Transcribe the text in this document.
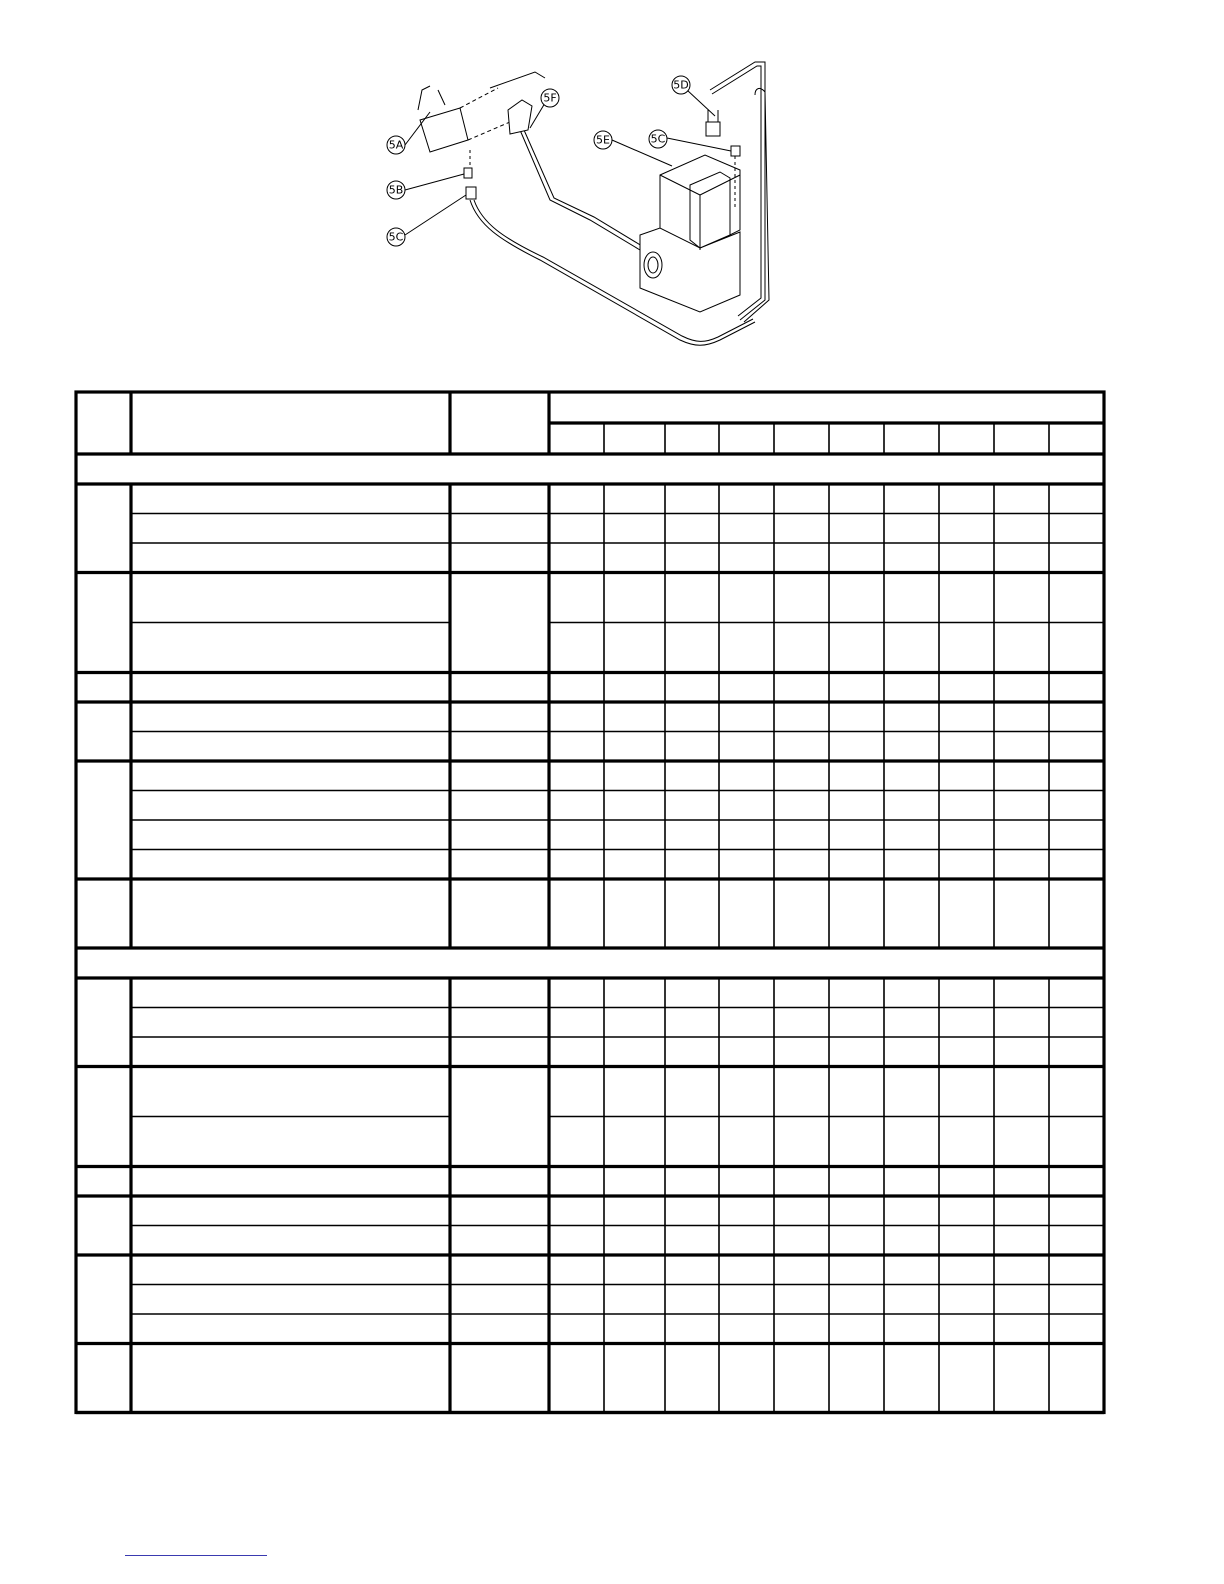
5A
5B
5C
5C
5D
5E
5F
